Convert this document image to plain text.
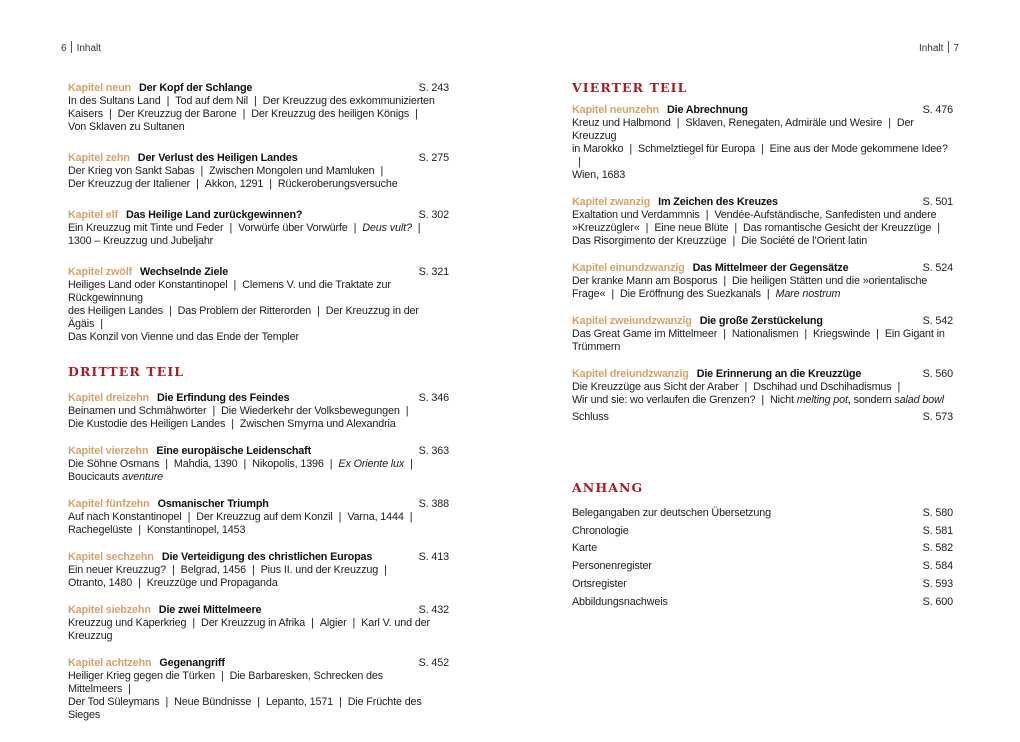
6 Inhalt	Inhalt 7
Kapitel neun Der Kopf der Schlange	S. 243

In des Sultans Land | Tod auf dem Nil | Der Kreuzzug des exkommunizierten

Kaisers | Der Kreuzzug der Barone | Der Kreuzzug des heiligen Königs |

Von Sklaven zu Sultanen

Kapitel zehn Der Verlust des Heiligen Landes	S. 275

Der Krieg von Sankt Sabas | Zwischen Mongolen und Mamluken |

Der Kreuzzug der Italiener | Akkon, 1291 | Rückeroberungsversuche

Kapitel elf Das Heilige Land zurückgewinnen?	S. 302

Ein Kreuzzug mit Tinte und Feder | Vorwürfe über Vorwürfe | Deus vult? |

1300 – Kreuzzug und Jubeljahr

Kapitel zwölf Wechselnde Ziele	S. 321

Heiliges Land oder Konstantinopel | Clemens V. und die Traktate zur Rückgewinnung

des Heiligen Landes | Das Problem der Ritterorden | Der Kreuzzug in der Ägäis |

Das Konzil von Vienne und das Ende der Templer

DRITTER TEIL
Kapitel dreizehn Die Erfindung des Feindes	S. 346

Beinamen und Schmähwörter | Die Wiederkehr der Volksbewegungen |

Die Kustodie des Heiligen Landes | Zwischen Smyrna und Alexandria

Kapitel vierzehn Eine europäische Leidenschaft	S. 363

Die Söhne Osmans | Mahdia, 1390 | Nikopolis, 1396 | Ex Oriente lux |

Boucicauts aventure

Kapitel fünfzehn Osmanischer Triumph	S. 388

Auf nach Konstantinopel | Der Kreuzzug auf dem Konzil | Varna, 1444 |

Rachegelüste | Konstantinopel, 1453

Kapitel sechzehn Die Verteidigung des christlichen Europas	S. 413

Ein neuer Kreuzzug? | Belgrad, 1456 | Pius II. und der Kreuzzug |

Otranto, 1480 | Kreuzzüge und Propaganda

Kapitel siebzehn Die zwei Mittelmeere	S. 432

Kreuzzug und Kaperkrieg | Der Kreuzzug in Afrika | Algier | Karl V. und der Kreuzzug

Kapitel achtzehn Gegenangriff	S. 452

Heiliger Krieg gegen die Türken | Die Barbaresken, Schrecken des Mittelmeers |

Der Tod Süleymans | Neue Bündnisse | Lepanto, 1571 | Die Früchte des Sieges

VIERTER TEIL
Kapitel neunzehn Die Abrechnung	S. 476

Kreuz und Halbmond | Sklaven, Renegaten, Admiräle und Wesire | Der Kreuzzug

in Marokko | Schmelztiegel für Europa | Eine aus der Mode gekommene Idee?|

Wien, 1683

Kapitel zwanzig Im Zeichen des Kreuzes	S. 501

Exaltation und Verdammnis | Vendée-Aufständische, Sanfedisten und andere

»Kreuzzügler« | Eine neue Blüte | Das romantische Gesicht der Kreuzzüge |

Das Risorgimento der Kreuzzüge | Die Société de l’Orient latin

Kapitel einundzwanzig Das Mittelmeer der Gegensätze	S. 524

Der kranke Mann am Bosporus | Die heiligen Stätten und die »orientalische

Frage« | Die Eröffnung des Suezkanals | Mare nostrum

Kapitel zweiundzwanzig Die große Zerstückelung	S. 542

Das Great Game im Mittelmeer | Nationalismen | Kriegswinde | Ein Gigant in

Trümmern

Kapitel dreiundzwanzig Die Erinnerung an die Kreuzzüge	S. 560

Die Kreuzzüge aus Sicht der Araber | Dschihad und Dschihadismus |

Wir und sie: wo verlaufen die Grenzen? | Nicht melting pot, sondern salad bowl

Schluss	S. 573
ANHANG
Belegangaben zur deutschen Übersetzung	S. 580
Chronologie	S. 581
Karte	S. 582
Personenregister	S. 584
Ortsregister	S. 593
Abbildungsnachweis	S. 600
